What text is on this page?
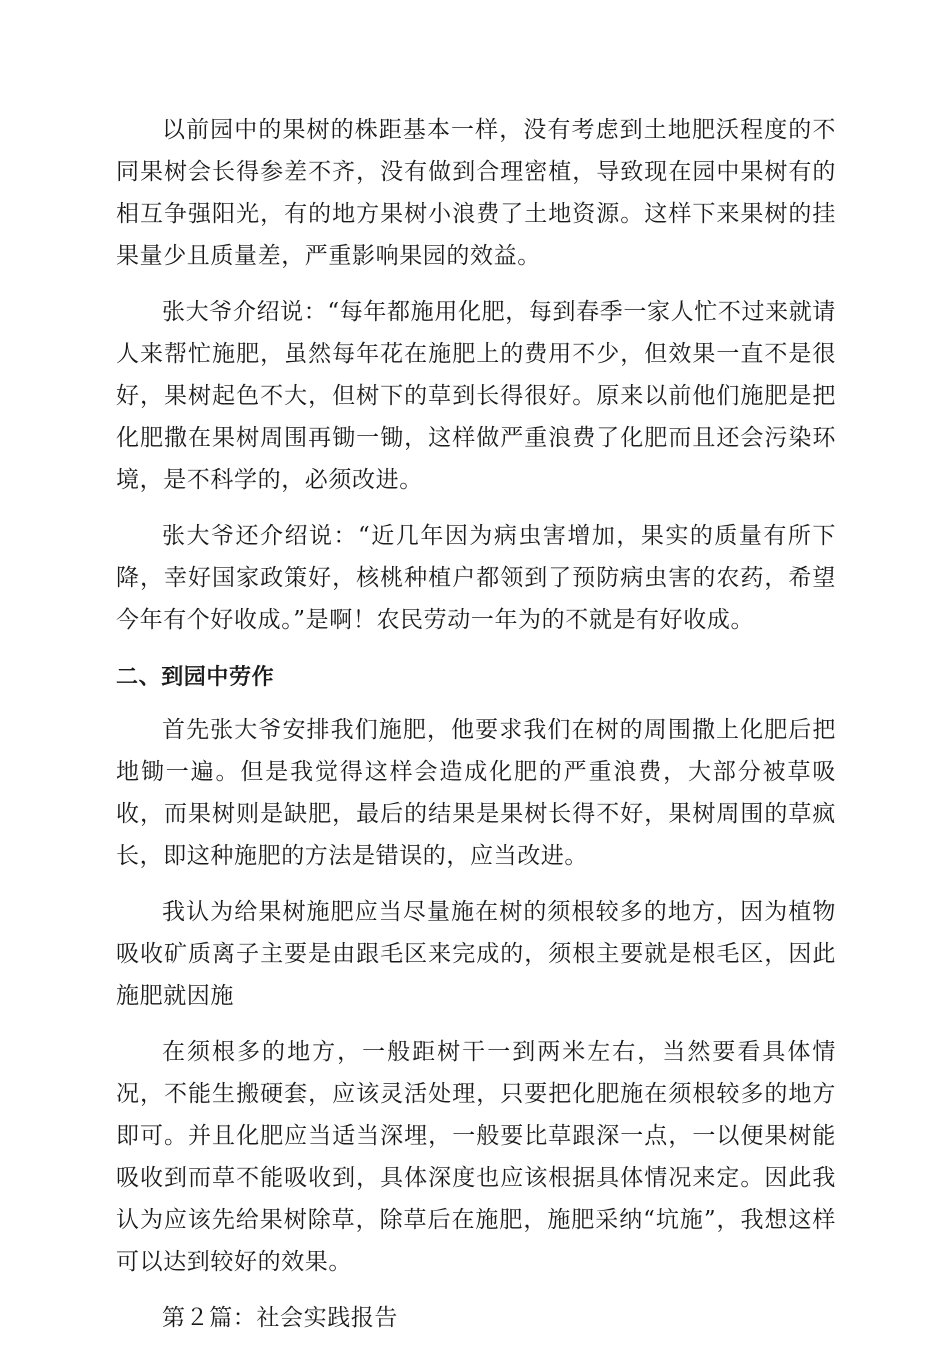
以前园中的果树的株距基本一样，没有考虑到土地肥沃程度的不同果树会长得参差不齐，没有做到合理密植，导致现在园中果树有的相互争强阳光，有的地方果树小浪费了土地资源。这样下来果树的挂果量少且质量差，严重影响果园的效益。

张大爷介绍说：“每年都施用化肥，每到春季一家人忙不过来就请人来帮忙施肥，虽然每年花在施肥上的费用不少，但效果一直不是很好，果树起色不大，但树下的草到长得很好。原来以前他们施肥是把化肥撒在果树周围再锄一锄，这样做严重浪费了化肥而且还会污染环境，是不科学的，必须改进。

张大爷还介绍说：“近几年因为病虫害增加，果实的质量有所下降，幸好国家政策好，核桃种植户都领到了预防病虫害的农药，希望今年有个好收成。”是啊！农民劳动一年为的不就是有好收成。

二、到园中劳作

首先张大爷安排我们施肥，他要求我们在树的周围撒上化肥后把地锄一遍。但是我觉得这样会造成化肥的严重浪费，大部分被草吸收，而果树则是缺肥，最后的结果是果树长得不好，果树周围的草疯长，即这种施肥的方法是错误的，应当改进。

我认为给果树施肥应当尽量施在树的须根较多的地方，因为植物吸收矿质离子主要是由跟毛区来完成的，须根主要就是根毛区，因此施肥就因施

在须根多的地方，一般距树干一到两米左右，当然要看具体情况，不能生搬硬套，应该灵活处理，只要把化肥施在须根较多的地方即可。并且化肥应当适当深埋，一般要比草跟深一点，一以便果树能吸收到而草不能吸收到，具体深度也应该根据具体情况来定。因此我认为应该先给果树除草，除草后在施肥，施肥采纳“坑施”，我想这样可以达到较好的效果。

第２篇：社会实践报告
